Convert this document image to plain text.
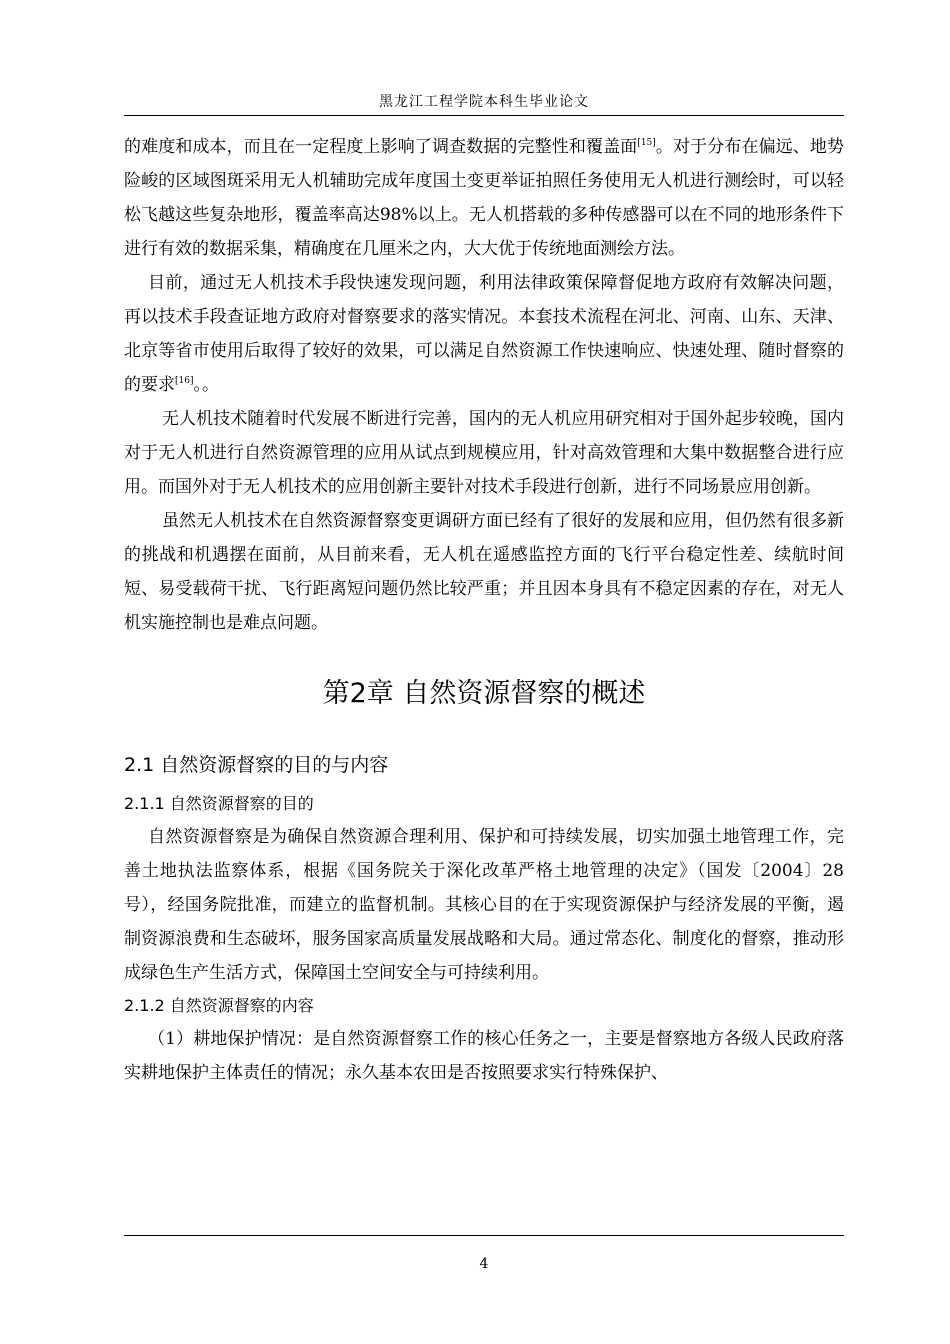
黑龙江工程学院本科生毕业论文

的难度和成本，而且在一定程度上影响了调查数据的完整性和覆盖面[15]。对于分布在偏远、地势险峻的区域图斑采用无人机辅助完成年度国土变更举证拍照任务使用无人机进行测绘时，可以轻松飞越这些复杂地形，覆盖率高达98%以上。无人机搭载的多种传感器可以在不同的地形条件下进行有效的数据采集，精确度在几厘米之内，大大优于传统地面测绘方法。

目前，通过无人机技术手段快速发现问题，利用法律政策保障督促地方政府有效解决问题，再以技术手段查证地方政府对督察要求的落实情况。本套技术流程在河北、河南、山东、天津、北京等省市使用后取得了较好的效果，可以满足自然资源工作快速响应、快速处理、随时督察的的要求[16]。。

无人机技术随着时代发展不断进行完善，国内的无人机应用研究相对于国外起步较晚，国内对于无人机进行自然资源管理的应用从试点到规模应用，针对高效管理和大集中数据整合进行应用。而国外对于无人机技术的应用创新主要针对技术手段进行创新，进行不同场景应用创新。

虽然无人机技术在自然资源督察变更调研方面已经有了很好的发展和应用，但仍然有很多新的挑战和机遇摆在面前，从目前来看，无人机在遥感监控方面的飞行平台稳定性差、续航时间短、易受载荷干扰、飞行距离短问题仍然比较严重；并且因本身具有不稳定因素的存在，对无人机实施控制也是难点问题。

第2章 自然资源督察的概述
2.1 自然资源督察的目的与内容
2.1.1 自然资源督察的目的

自然资源督察是为确保自然资源合理利用、保护和可持续发展，切实加强土地管理工作，完善土地执法监察体系，根据《国务院关于深化改革严格土地管理的决定》（国发〔2004〕28号），经国务院批准，而建立的监督机制。其核心目的在于实现资源保护与经济发展的平衡，遏制资源浪费和生态破坏，服务国家高质量发展战略和大局。通过常态化、制度化的督察，推动形成绿色生产生活方式，保障国土空间安全与可持续利用。

2.1.2 自然资源督察的内容

（1）耕地保护情况：是自然资源督察工作的核心任务之一，主要是督察地方各级人民政府落实耕地保护主体责任的情况；永久基本农田是否按照要求实行特殊保护、

4
